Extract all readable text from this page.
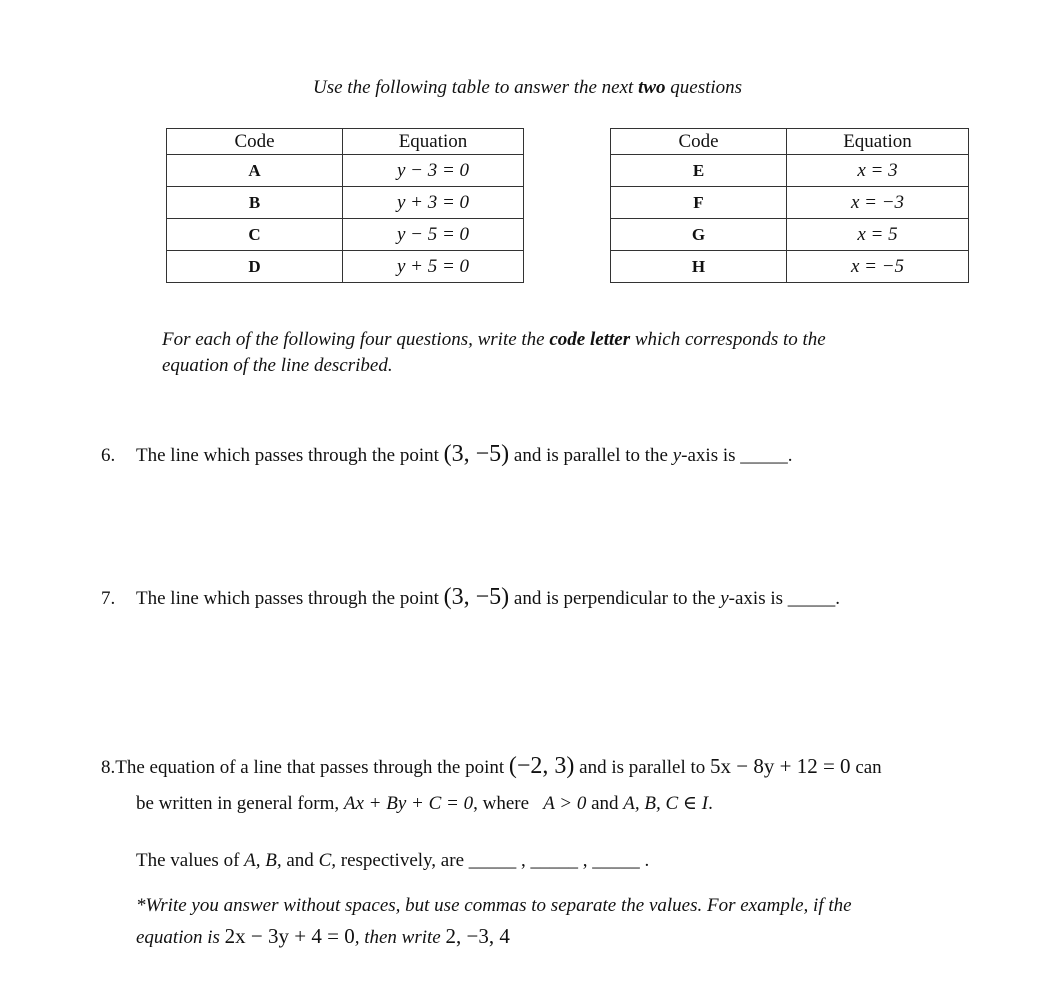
Use the following table to answer the next two questions
Code	Equation
A	y − 3 = 0
B	y + 3 = 0
C	y − 5 = 0
D	y + 5 = 0
Code	Equation
E	x = 3
F	x = −3
G	x = 5
H	x = −5
For each of the following four questions, write the code letter which corresponds to the
equation of the line described.
6. The line which passes through the point (3, −5) and is parallel to the y-axis is _____.
7. The line which passes through the point (3, −5) and is perpendicular to the y-axis is _____.
8.The equation of a line that passes through the point (−2, 3) and is parallel to 5x − 8y + 12 = 0 can
be written in general form, Ax + By + C = 0, where   A > 0 and A, B, C ∈ I.
The values of A, B, and C, respectively, are _____ , _____ , _____ .
*Write you answer without spaces, but use commas to separate the values. For example, if the
equation is 2x − 3y + 4 = 0, then write 2, −3, 4
